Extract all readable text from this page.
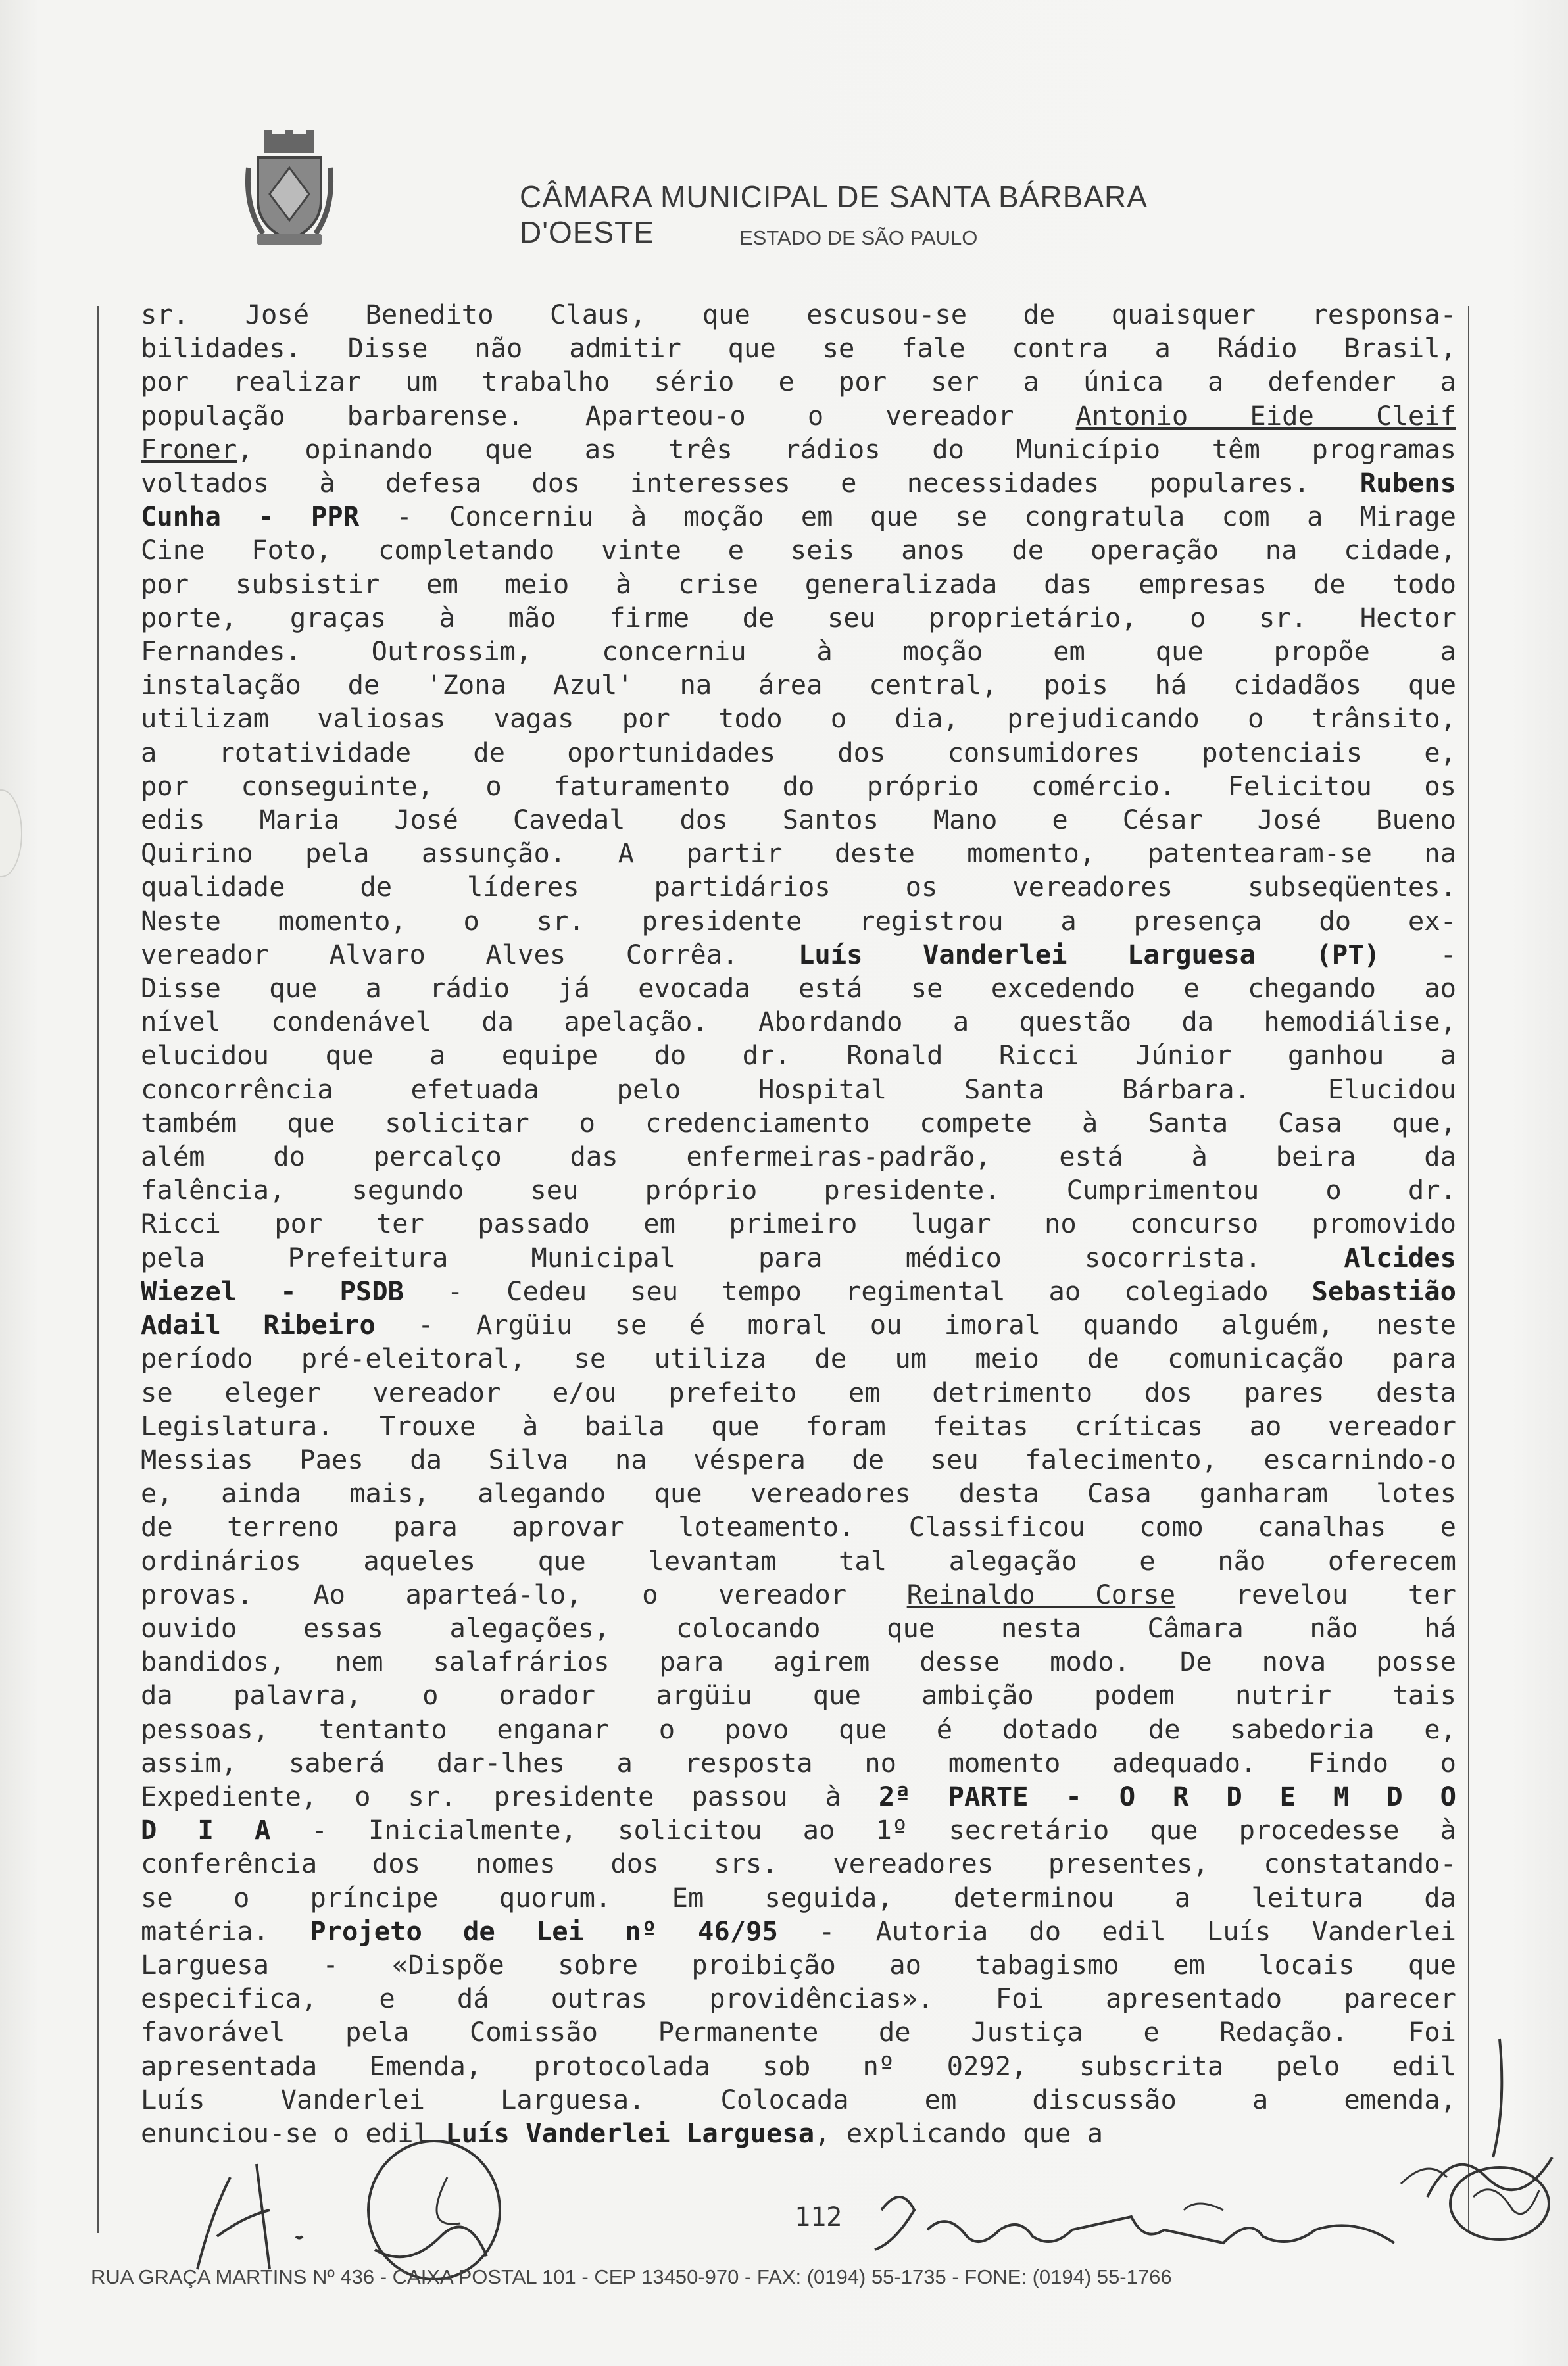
CÂMARA MUNICIPAL DE SANTA BÁRBARA D'OESTE	ESTADO DE SÃO PAULO
sr. José Benedito Claus, que escusou-se de quaisquer responsa-
bilidades. Disse não admitir que se fale contra a Rádio Brasil,
por realizar um trabalho sério e por ser a única a defender a
população barbarense. Aparteou-o o vereador Antonio Eide Cleif
Froner, opinando que as três rádios do Município têm programas
voltados à defesa dos interesses e necessidades populares. Rubens
Cunha - PPR - Concerniu à moção em que se congratula com a Mirage
Cine Foto, completando vinte e seis anos de operação na cidade,
por subsistir em meio à crise generalizada das empresas de todo
porte, graças à mão firme de seu proprietário, o sr. Hector
Fernandes. Outrossim, concerniu à moção em que propõe a
instalação de 'Zona Azul' na área central, pois há cidadãos que
utilizam valiosas vagas por todo o dia, prejudicando o trânsito,
a rotatividade de oportunidades dos consumidores potenciais e,
por conseguinte, o faturamento do próprio comércio. Felicitou os
edis Maria José Cavedal dos Santos Mano e César José Bueno
Quirino pela assunção. A partir deste momento, patentearam-se na
qualidade de líderes partidários os vereadores subseqüentes.
Neste momento, o sr. presidente registrou a presença do ex-
vereador Alvaro Alves Corrêa. Luís Vanderlei Larguesa (PT) -
Disse que a rádio já evocada está se excedendo e chegando ao
nível condenável da apelação. Abordando a questão da hemodiálise,
elucidou que a equipe do dr. Ronald Ricci Júnior ganhou a
concorrência efetuada pelo Hospital Santa Bárbara. Elucidou
também que solicitar o credenciamento compete à Santa Casa que,
além do percalço das enfermeiras-padrão, está à beira da
falência, segundo seu próprio presidente. Cumprimentou o dr.
Ricci por ter passado em primeiro lugar no concurso promovido
pela Prefeitura Municipal para médico socorrista. Alcides
Wiezel - PSDB - Cedeu seu tempo regimental ao colegiado Sebastião
Adail Ribeiro - Argüiu se é moral ou imoral quando alguém, neste
período pré-eleitoral, se utiliza de um meio de comunicação para
se eleger vereador e/ou prefeito em detrimento dos pares desta
Legislatura. Trouxe à baila que foram feitas críticas ao vereador
Messias Paes da Silva na véspera de seu falecimento, escarnindo-o
e, ainda mais, alegando que vereadores desta Casa ganharam lotes
de terreno para aprovar loteamento. Classificou como canalhas e
ordinários aqueles que levantam tal alegação e não oferecem
provas. Ao aparteá-lo, o vereador Reinaldo Corse revelou ter
ouvido essas alegações, colocando que nesta Câmara não há
bandidos, nem salafrários para agirem desse modo. De nova posse
da palavra, o orador argüiu que ambição podem nutrir tais
pessoas, tentanto enganar o povo que é dotado de sabedoria e,
assim, saberá dar-lhes a resposta no momento adequado. Findo o
Expediente, o sr. presidente passou à 2ª PARTE - O R D E M D O
D I A - Inicialmente, solicitou ao 1º secretário que procedesse à
conferência dos nomes dos srs. vereadores presentes, constatando-
se o príncipe quorum. Em seguida, determinou a leitura da
matéria. Projeto de Lei nº 46/95 - Autoria do edil Luís Vanderlei
Larguesa - «Dispõe sobre proibição ao tabagismo em locais que
especifica, e dá outras providências». Foi apresentado parecer
favorável pela Comissão Permanente de Justiça e Redação. Foi
apresentada Emenda, protocolada sob nº 0292, subscrita pelo edil
Luís Vanderlei Larguesa. Colocada em discussão a emenda,
enunciou-se o edil Luís Vanderlei Larguesa, explicando que a
112
RUA GRAÇA MARTINS Nº 436 - CAIXA POSTAL 101 - CEP 13450-970 - FAX: (0194) 55-1735 - FONE: (0194) 55-1766
